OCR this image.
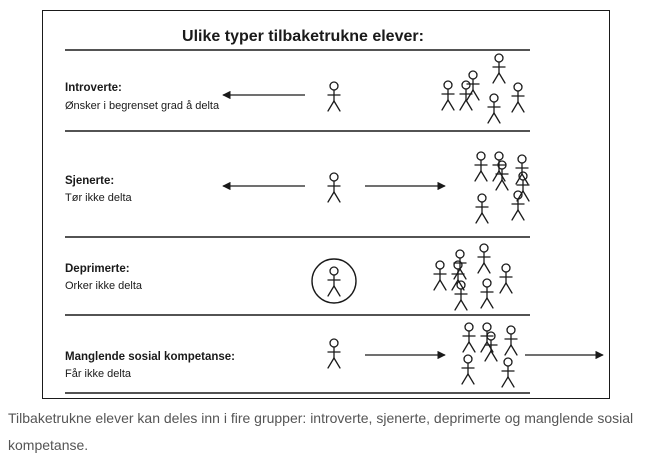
Ulike typer tilbaketrukne elever:
Introverte:
Ønsker i begrenset grad å delta
Sjenerte:
Tør ikke delta
Deprimerte:
Orker ikke delta
Manglende sosial kompetanse:
Får ikke delta

Tilbaketrukne elever kan deles inn i fire grupper: introverte, sjenerte, deprimerte og manglende sosial kompetanse.
